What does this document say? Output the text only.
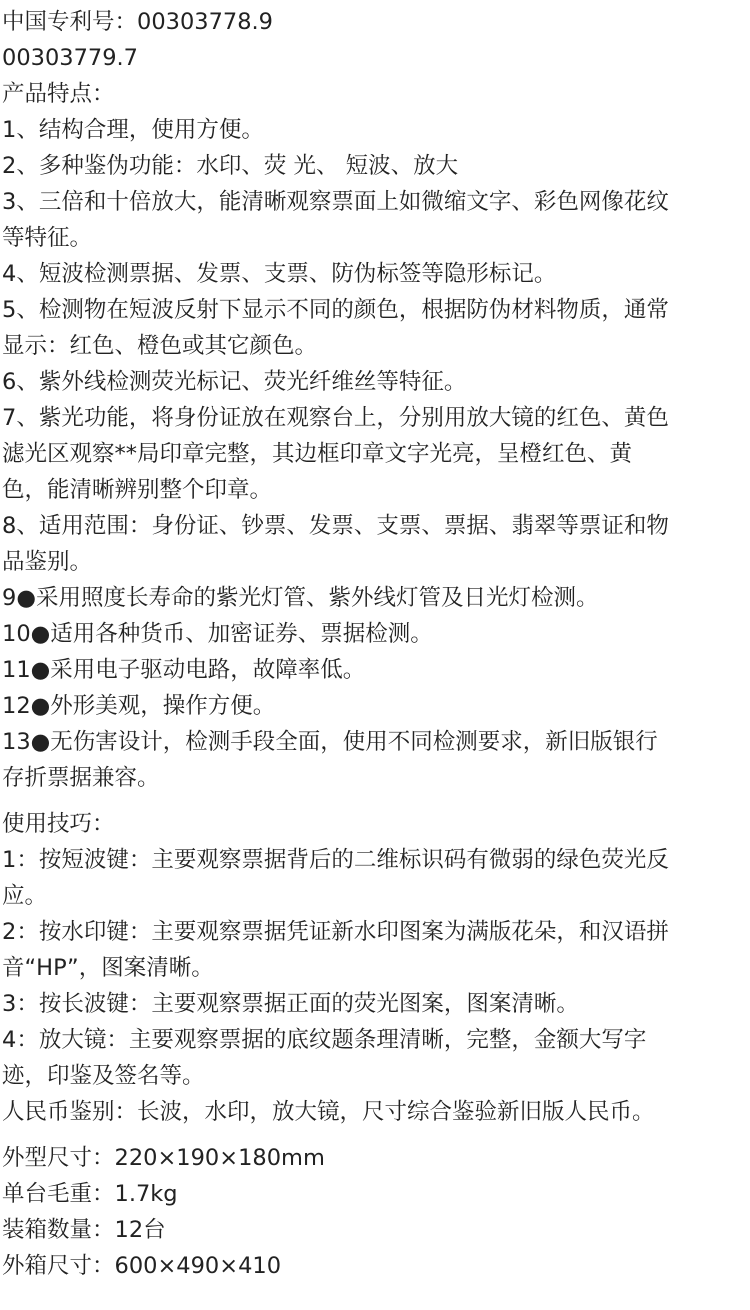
中国专利号：00303778.9
00303779.7
产品特点：
1、结构合理，使用方便。
2、多种鉴伪功能：水印、荧 光、 短波、放大
3、三倍和十倍放大，能清晰观察票面上如微缩文字、彩色网像花纹
等特征。
4、短波检测票据、发票、支票、防伪标签等隐形标记。
5、检测物在短波反射下显示不同的颜色，根据防伪材料物质，通常
显示：红色、橙色或其它颜色。
6、紫外线检测荧光标记、荧光纤维丝等特征。
7、紫光功能，将身份证放在观察台上，分别用放大镜的红色、黄色
滤光区观察**局印章完整，其边框印章文字光亮，呈橙红色、黄
色，能清晰辨别整个印章。
8、适用范围：身份证、钞票、发票、支票、票据、翡翠等票证和物
品鉴别。
9●采用照度长寿命的紫光灯管、紫外线灯管及日光灯检测。
10●适用各种货币、加密证券、票据检测。
11●采用电子驱动电路，故障率低。
12●外形美观，操作方便。
13●无伤害设计，检测手段全面，使用不同检测要求，新旧版银行
存折票据兼容。
使用技巧：
1：按短波键：主要观察票据背后的二维标识码有微弱的绿色荧光反
应。
2：按水印键：主要观察票据凭证新水印图案为满版花朵，和汉语拼
音“HP”，图案清晰。
3：按长波键：主要观察票据正面的荧光图案，图案清晰。
4：放大镜：主要观察票据的底纹题条理清晰，完整，金额大写字
迹，印鉴及签名等。
人民币鉴别：长波，水印，放大镜，尺寸综合鉴验新旧版人民币。
外型尺寸：220×190×180mm
单台毛重：1.7kg
装箱数量：12台
外箱尺寸：600×490×410
